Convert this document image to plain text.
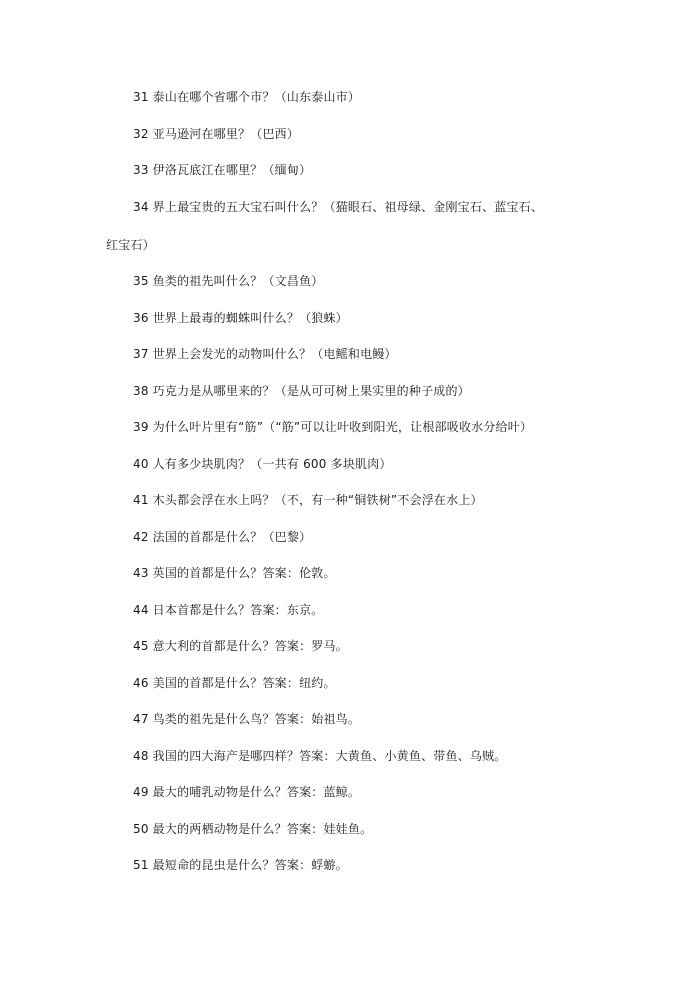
31 泰山在哪个省哪个市？（山东泰山市）
32 亚马逊河在哪里？（巴西）
33 伊洛瓦底江在哪里？（缅甸）
34 界上最宝贵的五大宝石叫什么？（猫眼石、祖母绿、金刚宝石、蓝宝石、
红宝石）
35 鱼类的祖先叫什么？（文昌鱼）
36 世界上最毒的蜘蛛叫什么？（狼蛛）
37 世界上会发光的动物叫什么？（电鳐和电鳗）
38 巧克力是从哪里来的？（是从可可树上果实里的种子成的）
39 为什么叶片里有“筋”（“筋”可以让叶收到阳光，让根部吸收水分给叶）
40 人有多少块肌肉？（一共有 600 多块肌肉）
41 木头都会浮在水上吗？（不，有一种“铜铁树”不会浮在水上）
42 法国的首都是什么？（巴黎）
43 英国的首都是什么？答案：伦敦。
44 日本首都是什么？答案：东京。
45 意大利的首都是什么？答案：罗马。
46 美国的首都是什么？答案：纽约。
47 鸟类的祖先是什么鸟？答案：始祖鸟。
48 我国的四大海产是哪四样？答案：大黄鱼、小黄鱼、带鱼、乌贼。
49 最大的哺乳动物是什么？答案：蓝鲸。
50 最大的两栖动物是什么？答案：娃娃鱼。
51 最短命的昆虫是什么？答案：蜉蝣。
